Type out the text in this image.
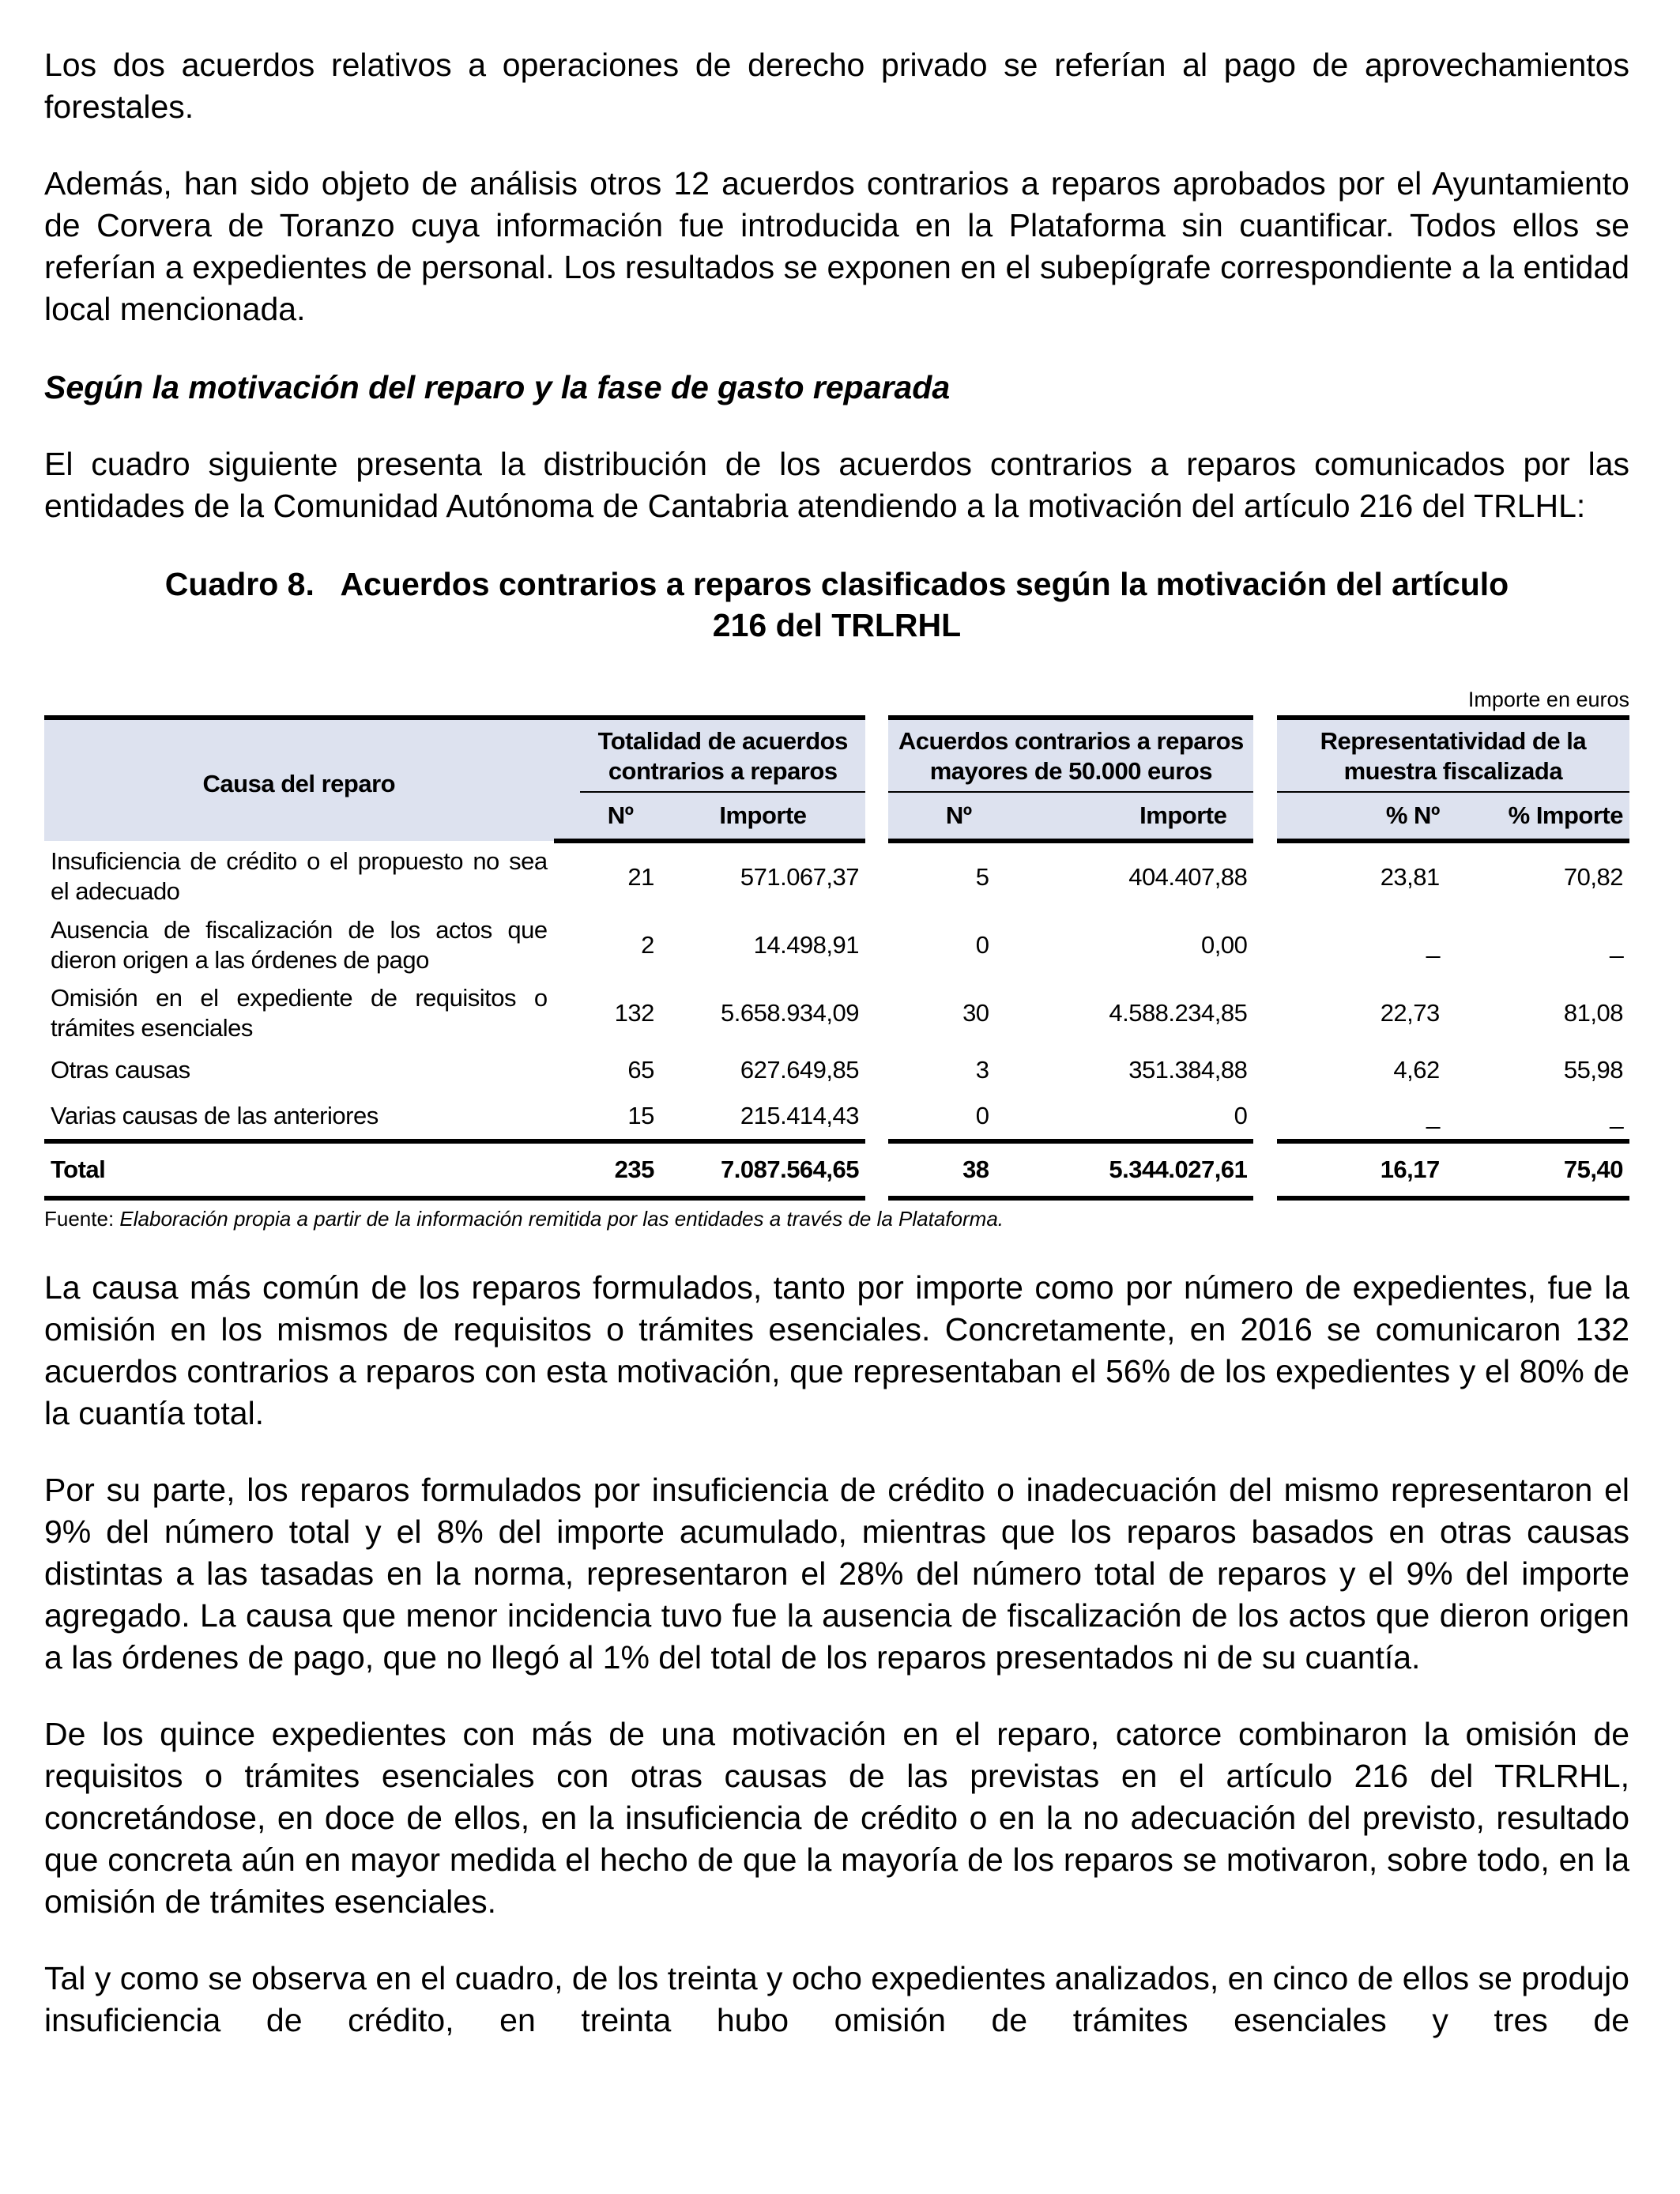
Los dos acuerdos relativos a operaciones de derecho privado se referían al pago de aprovechamientos forestales.

Además, han sido objeto de análisis otros 12 acuerdos contrarios a reparos aprobados por el Ayuntamiento de Corvera de Toranzo cuya información fue introducida en la Plataforma sin cuantificar. Todos ellos se referían a expedientes de personal. Los resultados se exponen en el subepígrafe correspondiente a la entidad local mencionada.

Según la motivación del reparo y la fase de gasto reparada

El cuadro siguiente presenta la distribución de los acuerdos contrarios a reparos comunicados por las entidades de la Comunidad Autónoma de Cantabria atendiendo a la motivación del artículo 216 del TRLHL:

Cuadro 8.   Acuerdos contrarios a reparos clasificados según la motivación del artículo
216 del TRLRHL
Importe en euros
Causa del reparo		Totalidad de acuerdos contrarios a reparos			Acuerdos contrarios a reparos mayores de 50.000 euros			Representatividad de la muestra fiscalizada	
		Nº	Importe		Nº	Importe		% Nº	% Importe
Insuficiencia de crédito o el propuesto no sea el adecuado		21	571.067,37		5	404.407,88		23,81	70,82
Ausencia de fiscalización de los actos que dieron origen a las órdenes de pago		2	14.498,91		0	0,00		_	_
Omisión en el expediente de requisitos o trámites esenciales		132	5.658.934,09		30	4.588.234,85		22,73	81,08
Otras causas		65	627.649,85		3	351.384,88		4,62	55,98
Varias causas de las anteriores		15	215.414,43		0	0		_	_
Total		235	7.087.564,65		38	5.344.027,61		16,17	75,40
Fuente: Elaboración propia a partir de la información remitida por las entidades a través de la Plataforma.

La causa más común de los reparos formulados, tanto por importe como por número de expedientes, fue la omisión en los mismos de requisitos o trámites esenciales. Concretamente, en 2016 se comunicaron 132 acuerdos contrarios a reparos con esta motivación, que representaban el 56% de los expedientes y el 80% de la cuantía total.

Por su parte, los reparos formulados por insuficiencia de crédito o inadecuación del mismo representaron el 9% del número total y el 8% del importe acumulado, mientras que los reparos basados en otras causas distintas a las tasadas en la norma, representaron el 28% del número total de reparos y el 9% del importe agregado. La causa que menor incidencia tuvo fue la ausencia de fiscalización de los actos que dieron origen a las órdenes de pago, que no llegó al 1% del total de los reparos presentados ni de su cuantía.

De los quince expedientes con más de una motivación en el reparo, catorce combinaron la omisión de requisitos o trámites esenciales con otras causas de las previstas en el artículo 216 del TRLRHL, concretándose, en doce de ellos, en la insuficiencia de crédito o en la no adecuación del previsto, resultado que concreta aún en mayor medida el hecho de que la mayoría de los reparos se motivaron, sobre todo, en la omisión de trámites esenciales.

Tal y como se observa en el cuadro, de los treinta y ocho expedientes analizados, en cinco de ellos se produjo insuficiencia de crédito, en treinta hubo omisión de trámites esenciales y tres de
